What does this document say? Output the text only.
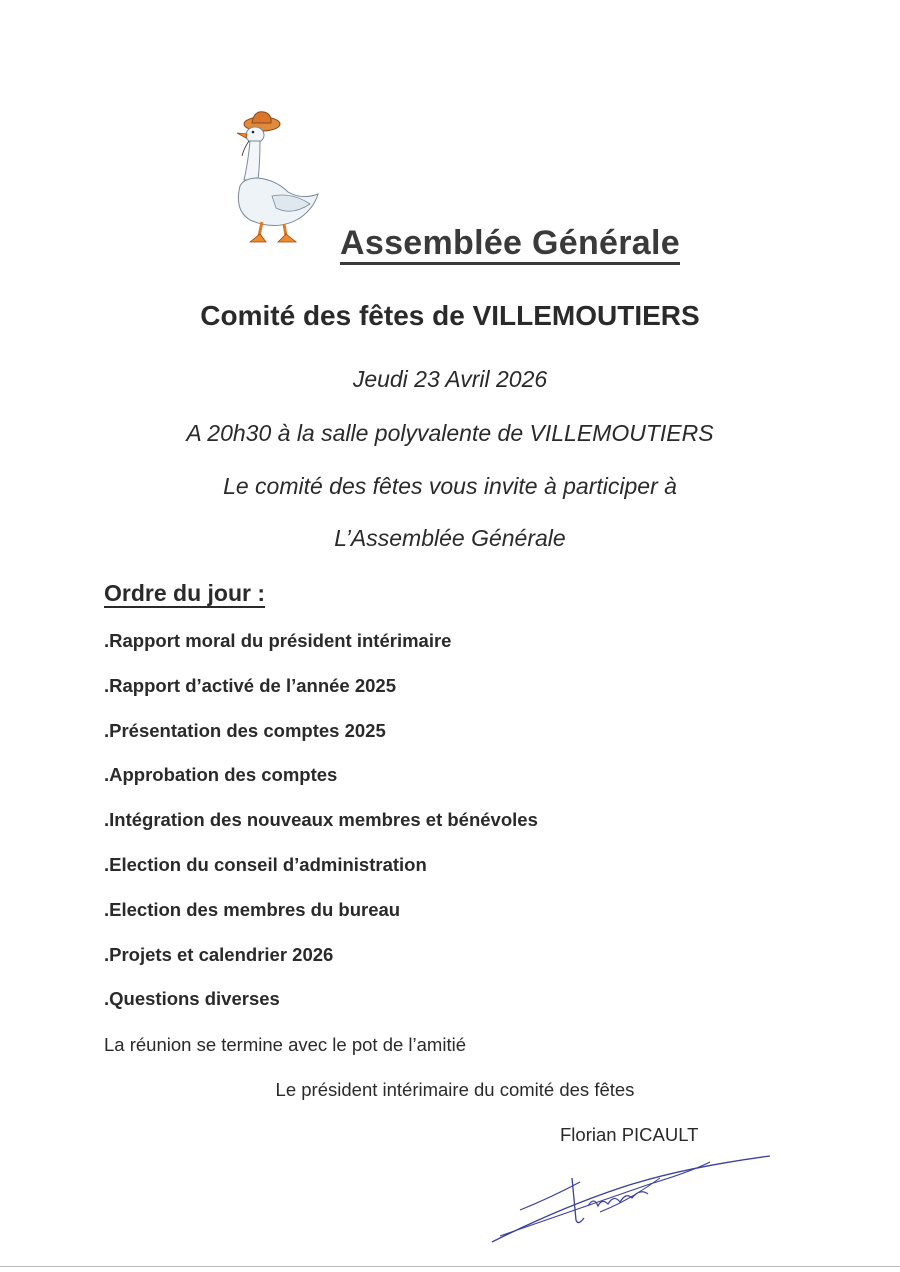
Assemblée Générale
Comité des fêtes de VILLEMOUTIERS
Jeudi 23 Avril 2026
A 20h30 à la salle polyvalente de VILLEMOUTIERS
Le comité des fêtes vous invite à participer à
L’Assemblée Générale
Ordre du jour :
.Rapport moral du président intérimaire
.Rapport d’activé de l’année 2025
.Présentation des comptes 2025
.Approbation des comptes
.Intégration des nouveaux membres et bénévoles
.Election du conseil d’administration
.Election des membres du bureau
.Projets et calendrier 2026
.Questions diverses
La réunion se termine avec le pot de l’amitié
Le président intérimaire du comité des fêtes
Florian PICAULT
